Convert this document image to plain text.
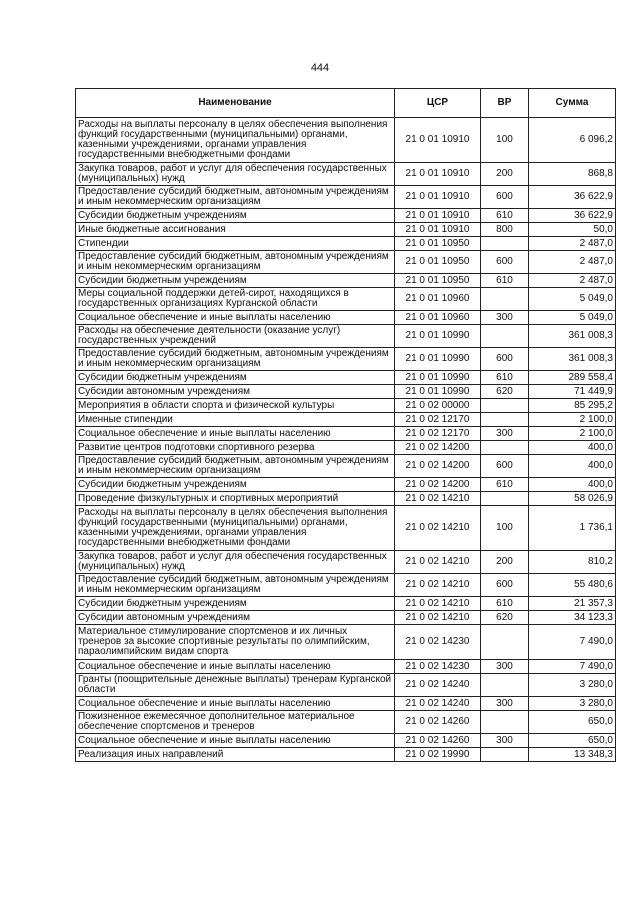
444
Наименование	ЦСР	ВР	Сумма
Расходы на выплаты персоналу в целях обеспечения выполнения функций государственными (муниципальными) органами, казенными учреждениями, органами управления государственными внебюджетными фондами	21 0 01 10910	100	6 096,2
Закупка товаров, работ и услуг для обеспечения государственных (муниципальных) нужд	21 0 01 10910	200	868,8
Предоставление субсидий бюджетным, автономным учреждениям и иным некоммерческим организациям	21 0 01 10910	600	36 622,9
Субсидии бюджетным учреждениям	21 0 01 10910	610	36 622,9
Иные бюджетные ассигнования	21 0 01 10910	800	50,0
Стипендии	21 0 01 10950		2 487,0
Предоставление субсидий бюджетным, автономным учреждениям и иным некоммерческим организациям	21 0 01 10950	600	2 487,0
Субсидии бюджетным учреждениям	21 0 01 10950	610	2 487,0
Меры социальной поддержки детей-сирот, находящихся в государственных организациях Курганской области	21 0 01 10960		5 049,0
Социальное обеспечение и иные выплаты населению	21 0 01 10960	300	5 049,0
Расходы на обеспечение деятельности (оказание услуг) государственных учреждений	21 0 01 10990		361 008,3
Предоставление субсидий бюджетным, автономным учреждениям и иным некоммерческим организациям	21 0 01 10990	600	361 008,3
Субсидии бюджетным учреждениям	21 0 01 10990	610	289 558,4
Субсидии автономным учреждениям	21 0 01 10990	620	71 449,9
Мероприятия в области спорта и физической культуры	21 0 02 00000		85 295,2
Именные стипендии	21 0 02 12170		2 100,0
Социальное обеспечение и иные выплаты населению	21 0 02 12170	300	2 100,0
Развитие центров подготовки спортивного резерва	21 0 02 14200		400,0
Предоставление субсидий бюджетным, автономным учреждениям и иным некоммерческим организациям	21 0 02 14200	600	400,0
Субсидии бюджетным учреждениям	21 0 02 14200	610	400,0
Проведение физкультурных и спортивных мероприятий	21 0 02 14210		58 026,9
Расходы на выплаты персоналу в целях обеспечения выполнения функций государственными (муниципальными) органами, казенными учреждениями, органами управления государственными внебюджетными фондами	21 0 02 14210	100	1 736,1
Закупка товаров, работ и услуг для обеспечения государственных (муниципальных) нужд	21 0 02 14210	200	810,2
Предоставление субсидий бюджетным, автономным учреждениям и иным некоммерческим организациям	21 0 02 14210	600	55 480,6
Субсидии бюджетным учреждениям	21 0 02 14210	610	21 357,3
Субсидии автономным учреждениям	21 0 02 14210	620	34 123,3
Материальное стимулирование спортсменов и их личных тренеров за высокие спортивные результаты по олимпийским, параолимпийским видам спорта	21 0 02 14230		7 490,0
Социальное обеспечение и иные выплаты населению	21 0 02 14230	300	7 490,0
Гранты (поощрительные денежные выплаты) тренерам Курганской области	21 0 02 14240		3 280,0
Социальное обеспечение и иные выплаты населению	21 0 02 14240	300	3 280,0
Пожизненное ежемесячное дополнительное материальное обеспечение спортсменов и тренеров	21 0 02 14260		650,0
Социальное обеспечение и иные выплаты населению	21 0 02 14260	300	650,0
Реализация иных направлений	21 0 02 19990		13 348,3
